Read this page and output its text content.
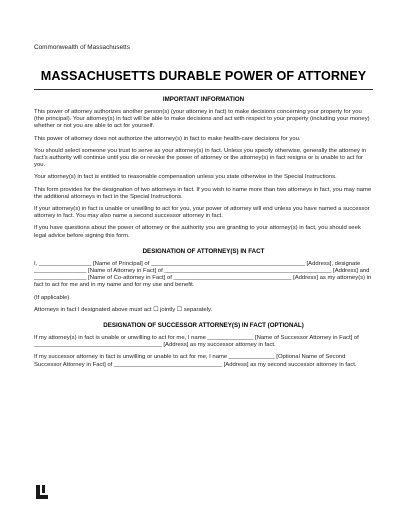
Commonwealth of Massachusetts
MASSACHUSETTS DURABLE POWER OF ATTORNEY
IMPORTANT INFORMATION

This power of attorney authorizes another person(s) (your attorney in fact) to make decisions concerning your property for you (the principal). Your attorney(s) in fact will be able to make decisions and act with respect to your property (including your money) whether or not you are able to act for yourself.

This power of attorney does not authorize the attorney(s) in fact to make health-care decisions for you.

You should select someone you trust to serve as your attorney(s) in fact. Unless you specify otherwise, generally the attorney in fact’s authority will continue until you die or revoke the power of attorney or the attorney(s) in fact resigns or is unable to act for you.

Your attorney(s) in fact is entitled to reasonable compensation unless you state otherwise in the Special Instructions.

This form provides for the designation of two attorneys in fact. If you wish to name more than two attorneys in fact, you may name the additional attorneys in fact in the Special Instructions.

If your attorney(s) in fact is unable or unwilling to act for you, your power of attorney will end unless you have named a successor attorney in fact. You may also name a second successor attorney in fact.

If you have questions about the power of attorney or the authority you are granting to your attorney(s) in fact, you should seek legal advice before signing this form.

DESIGNATION OF ATTORNEY(S) IN FACT

I, ________________ [Name of Principal] of _______________________________________________ [Address], designate ________________ [Name of Attorney in Fact] of ___________________________________________________ [Address] and ________________ [Name of Co-attorney in Fact] of ____________________________________ [Address] as my attorney(s) in fact to act for me and in my name and for my use and benefit.

(If applicable)

Attorneys in fact I designated above must act ☐ jointly ☐ separately.

DESIGNATION OF SUCCESSOR ATTORNEY(S) IN FACT (OPTIONAL)

If my attorney(s) in fact is unable or unwilling to act for me, I name ______________ [Name of Successor Attorney in Fact] of _______________________________________ [Address] as my successor attorney in fact.

If my successor attorney in fact is unwilling or unable to act for me, I name ______________ [Optional Name of Second Successor Attorney in Fact] of _________________________________ [Address] as my second successor attorney in fact.
